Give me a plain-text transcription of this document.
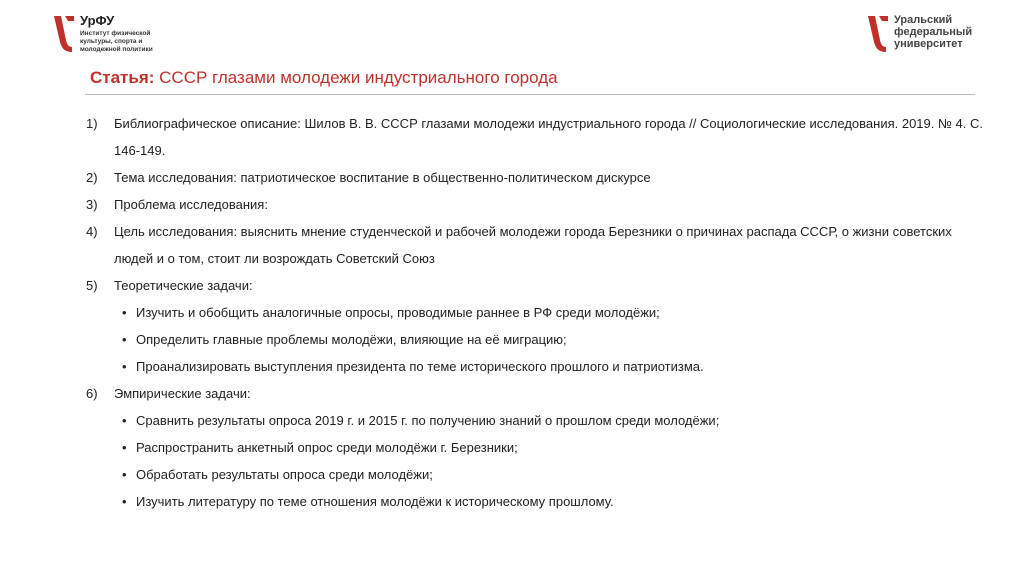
УрФУ
Институт физической
культуры, спорта и
молодежной политики
Уральский
федеральный
университет
Статья: СССР глазами молодежи индустриального города
1)	Библиографическое описание: Шилов В. В. СССР глазами молодежи индустриального города // Социологические исследования. 2019. № 4. С. 146-149.
2)	Тема исследования: патриотическое воспитание в общественно-политическом дискурсе
3)	Проблема исследования:
4)	Цель исследования: выяснить мнение студенческой и рабочей молодежи города Березники о причинах распада СССР, о жизни советских людей и о том, стоит ли возрождать Советский Союз
5)	Теоретические задачи:
• Изучить и обобщить аналогичные опросы, проводимые раннее в РФ среди молодёжи;
• Определить главные проблемы молодёжи, влияющие на её миграцию;
• Проанализировать выступления президента по теме исторического прошлого и патриотизма.
6)	Эмпирические задачи:
• Сравнить результаты опроса 2019 г. и 2015 г. по получению знаний о прошлом среди молодёжи;
• Распространить анкетный опрос среди молодёжи г. Березники;
• Обработать результаты опроса среди молодёжи;
• Изучить литературу по теме отношения молодёжи к историческому прошлому.
